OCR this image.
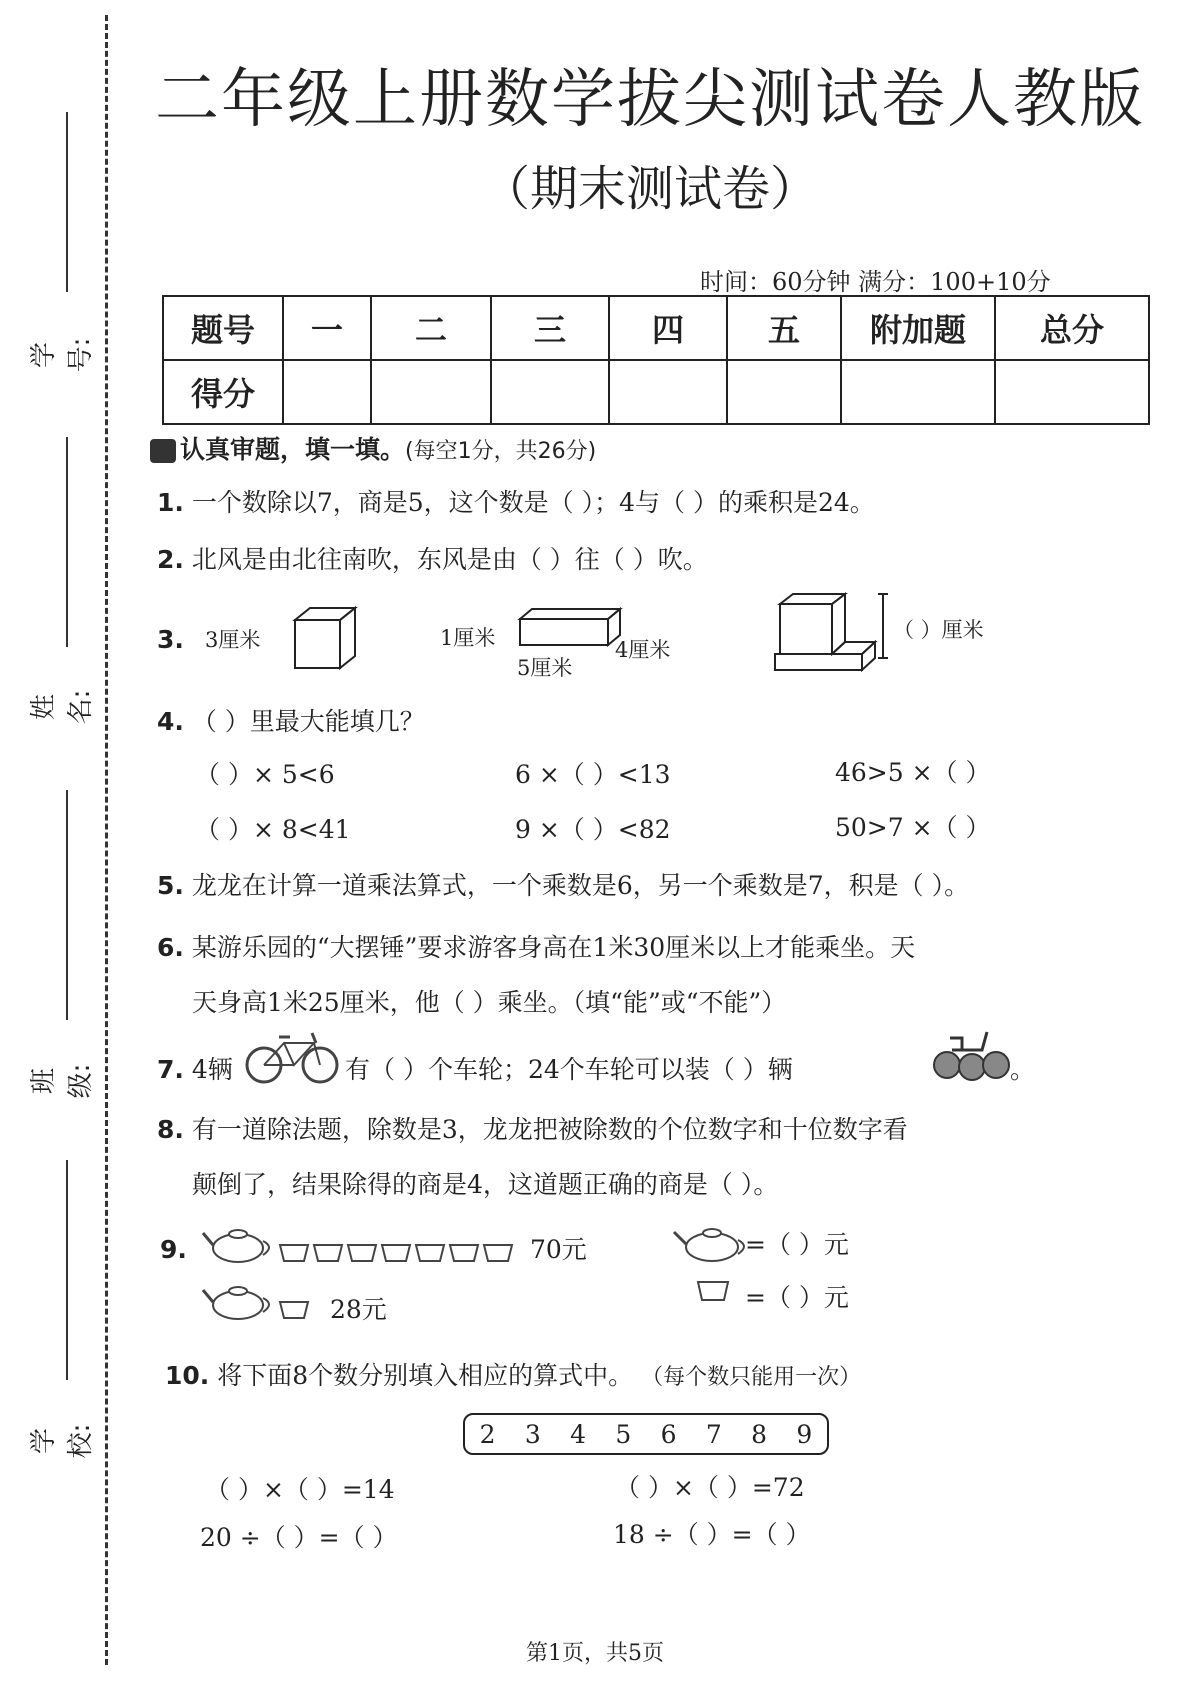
学号:
姓名:
班级:
学校:
二年级上册数学拔尖测试卷人教版
（期末测试卷）
时间：60分钟 满分：100+10分
题号	一	二	三	四	五	附加题	总分
得分							
认真审题，填一填。(每空1分，共26分)
1. 一个数除以7，商是5，这个数是（ ）；4与（ ）的乘积是24。
2. 北风是由北往南吹，东风是由（ ）往（ ）吹。
3. 3厘米	1厘米
5厘米
4厘米
（ ）厘米
4. （ ）里最大能填几？
（ ）× 5<6	6 ×（ ）<13	46>5 ×（ ）
（ ）× 8<41	9 ×（ ）<82	50>7 ×（ ）
5. 龙龙在计算一道乘法算式，一个乘数是6，另一个乘数是7，积是（ ）。
6. 某游乐园的“大摆锤”要求游客身高在1米30厘米以上才能乘坐。天
天身高1米25厘米，他（ ）乘坐。（填“能”或“不能”）
7. 4辆	有（ ）个车轮；24个车轮可以装（ ）辆	。
8. 有一道除法题，除数是3，龙龙把被除数的个位数字和十位数字看
颠倒了，结果除得的商是4，这道题正确的商是（ ）。
9.	70元
28元
=（ ）元
=（ ）元
10. 将下面8个数分别填入相应的算式中。 （每个数只能用一次）
2 3 4 5 6 7 8 9
（ ）×（ ）=14	（ ）×（ ）=72
20 ÷（ ）=（ ）	18 ÷（ ）=（ ）
第1页，共5页
